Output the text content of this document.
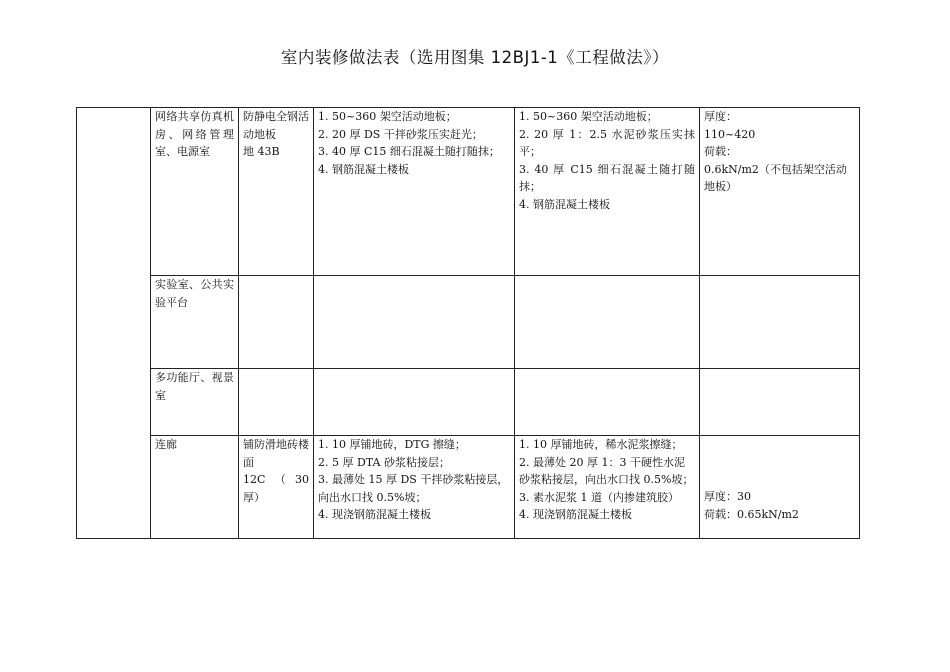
室内装修做法表（选用图集 12BJ1-1《工程做法》）

	网络共享仿真机房、网络管理室、电源室	防静电全钢活动地板
地 43B	1. 50~360 架空活动地板；
2. 20 厚 DS 干拌砂浆压实赶光；
3. 40 厚 C15 细石混凝土随打随抹；
4. 钢筋混凝土楼板	1. 50~360 架空活动地板；
2. 20 厚 1：2.5 水泥砂浆压实抹平；
3. 40 厚 C15 细石混凝土随打随抹；
4. 钢筋混凝土楼板	厚度：
110~420
荷载：
0.6kN/m2（不包括架空活动地板）

	实验室、公共实验平台				

	多功能厅、视景室				

	连廊	铺防滑地砖楼面
12C（30 厚）	1. 10 厚铺地砖，DTG 擦缝；
2. 5 厚 DTA 砂浆粘接层；
3. 最薄处 15 厚 DS 干拌砂浆粘接层，向出水口找 0.5%坡；
4. 现浇钢筋混凝土楼板	1. 10 厚铺地砖，稀水泥浆擦缝；
2. 最薄处 20 厚 1：3 干硬性水泥砂浆粘接层，向出水口找 0.5%坡；
3. 素水泥浆 1 道（内掺建筑胶）
4. 现浇钢筋混凝土楼板	厚度：30
荷载：0.65kN/m2
